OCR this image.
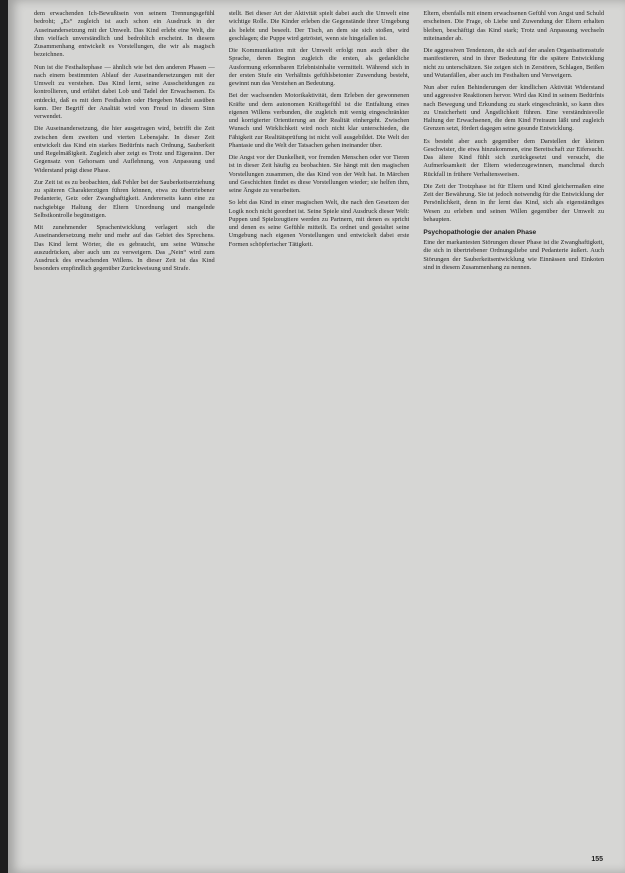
dem erwachenden Ich-Bewußtsein von seinem Trennungsgefühl bedroht; „Es“ zugleich ist auch schon ein Ausdruck in der Auseinandersetzung mit der Umwelt. Das Kind erlebt eine Welt, die ihm vielfach unverständlich und bedrohlich erscheint. In diesem Zusammenhang entwickelt es Vorstellungen, die wir als magisch bezeichnen.

Nun ist die Festhaltephase — ähnlich wie bei den anderen Phasen — nach einem bestimmten Ablauf der Auseinandersetzungen mit der Umwelt zu verstehen. Das Kind lernt, seine Ausscheidungen zu kontrollieren, und erfährt dabei Lob und Tadel der Erwachsenen. Es entdeckt, daß es mit dem Festhalten oder Hergeben Macht ausüben kann. Der Begriff der Analität wird von Freud in diesem Sinn verwendet.

Die Auseinandersetzung, die hier ausgetragen wird, betrifft die Zeit zwischen dem zweiten und vierten Lebensjahr. In dieser Zeit entwickelt das Kind ein starkes Bedürfnis nach Ordnung, Sauberkeit und Regelmäßigkeit. Zugleich aber zeigt es Trotz und Eigensinn. Der Gegensatz von Gehorsam und Auflehnung, von Anpassung und Widerstand prägt diese Phase.

Zur Zeit ist es zu beobachten, daß Fehler bei der Sauberkeitserziehung zu späteren Charakterzügen führen können, etwa zu übertriebener Pedanterie, Geiz oder Zwanghaftigkeit. Andererseits kann eine zu nachgiebige Haltung der Eltern Unordnung und mangelnde Selbstkontrolle begünstigen.

Mit zunehmender Sprachentwicklung verlagert sich die Auseinandersetzung mehr und mehr auf das Gebiet des Sprechens. Das Kind lernt Wörter, die es gebraucht, um seine Wünsche auszudrücken, aber auch um zu verweigern. Das „Nein“ wird zum Ausdruck des erwachenden Willens. In dieser Zeit ist das Kind besonders empfindlich gegenüber Zurückweisung und Strafe.

stellt. Bei dieser Art der Aktivität spielt dabei auch die Umwelt eine wichtige Rolle. Die Kinder erleben die Gegenstände ihrer Umgebung als belebt und beseelt. Der Tisch, an dem sie sich stoßen, wird geschlagen; die Puppe wird getröstet, wenn sie hingefallen ist.

Die Kommunikation mit der Umwelt erfolgt nun auch über die Sprache, deren Beginn zugleich die ersten, als gedankliche Ausformung erkennbaren Erlebnisinhalte vermittelt. Während sich in der ersten Stufe ein Verhältnis gefühlsbetonter Zuwendung besteht, gewinnt nun das Verstehen an Bedeutung.

Bei der wachsenden Motorikaktivität, dem Erleben der gewonnenen Kräfte und dem autonomen Kräftegefühl ist die Entfaltung eines eigenen Willens verbunden, die zugleich mit wenig eingeschränkter und korrigierter Orientierung an der Realität einhergeht. Zwischen Wunsch und Wirklichkeit wird noch nicht klar unterschieden, die Fähigkeit zur Realitätsprüfung ist nicht voll ausgebildet. Die Welt der Phantasie und die Welt der Tatsachen gehen ineinander über.

Die Angst vor der Dunkelheit, vor fremden Menschen oder vor Tieren ist in dieser Zeit häufig zu beobachten. Sie hängt mit den magischen Vorstellungen zusammen, die das Kind von der Welt hat. In Märchen und Geschichten findet es diese Vorstellungen wieder; sie helfen ihm, seine Ängste zu verarbeiten.

So lebt das Kind in einer magischen Welt, die nach den Gesetzen der Logik noch nicht geordnet ist. Seine Spiele sind Ausdruck dieser Welt: Puppen und Spielzeugtiere werden zu Partnern, mit denen es spricht und denen es seine Gefühle mitteilt. Es ordnet und gestaltet seine Umgebung nach eigenen Vorstellungen und entwickelt dabei erste Formen schöpferischer Tätigkeit.

Eltern, ebenfalls mit einem erwachsenen Gefühl von Angst und Schuld erscheinen. Die Frage, ob Liebe und Zuwendung der Eltern erhalten bleiben, beschäftigt das Kind stark; Trotz und Anpassung wechseln miteinander ab.

Die aggressiven Tendenzen, die sich auf der analen Organisationsstufe manifestieren, sind in ihrer Bedeutung für die spätere Entwicklung nicht zu unterschätzen. Sie zeigen sich in Zerstören, Schlagen, Beißen und Wutanfällen, aber auch im Festhalten und Verweigern.

Nun aber rufen Behinderungen der kindlichen Aktivität Widerstand und aggressive Reaktionen hervor. Wird das Kind in seinem Bedürfnis nach Bewegung und Erkundung zu stark eingeschränkt, so kann dies zu Unsicherheit und Ängstlichkeit führen. Eine verständnisvolle Haltung der Erwachsenen, die dem Kind Freiraum läßt und zugleich Grenzen setzt, fördert dagegen seine gesunde Entwicklung.

Es besteht aber auch gegenüber dem Darstellen der kleinen Geschwister, die etwa hinzukommen, eine Bereitschaft zur Eifersucht. Das ältere Kind fühlt sich zurückgesetzt und versucht, die Aufmerksamkeit der Eltern wiederzugewinnen, manchmal durch Rückfall in frühere Verhaltensweisen.

Die Zeit der Trotzphase ist für Eltern und Kind gleichermaßen eine Zeit der Bewährung. Sie ist jedoch notwendig für die Entwicklung der Persönlichkeit, denn in ihr lernt das Kind, sich als eigenständiges Wesen zu erleben und seinen Willen gegenüber der Umwelt zu behaupten.

Psychopathologie der analen Phase

Eine der markantesten Störungen dieser Phase ist die Zwanghaftigkeit, die sich in übertriebener Ordnungsliebe und Pedanterie äußert. Auch Störungen der Sauberkeitsentwicklung wie Einnässen und Einkoten sind in diesem Zusammenhang zu nennen.

155
